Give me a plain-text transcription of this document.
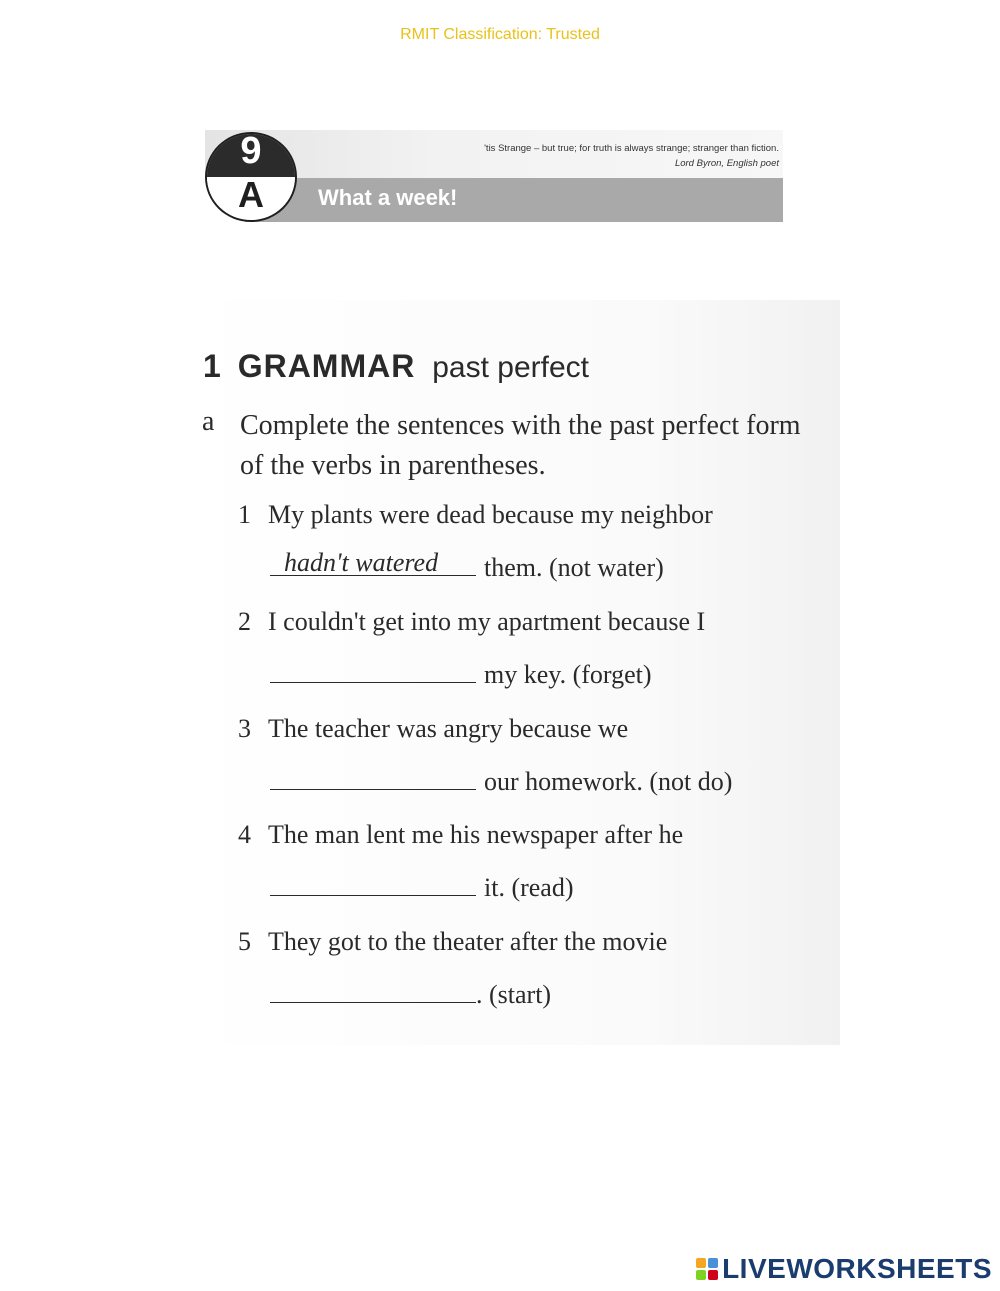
RMIT Classification: Trusted
9
A	What a week!
'tis Strange – but true; for truth is always strange; stranger than fiction.
Lord Byron, English poet
1 GRAMMAR past perfect
a Complete the sentences with the past perfect form of the verbs in parentheses.
1 My plants were dead because my neighbor
hadn't watered them. (not water)
2 I couldn't get into my apartment because I
my key. (forget)
3 The teacher was angry because we
our homework. (not do)
4 The man lent me his newspaper after he
it. (read)
5 They got to the theater after the movie
. (start)
LIVEWORKSHEETS
